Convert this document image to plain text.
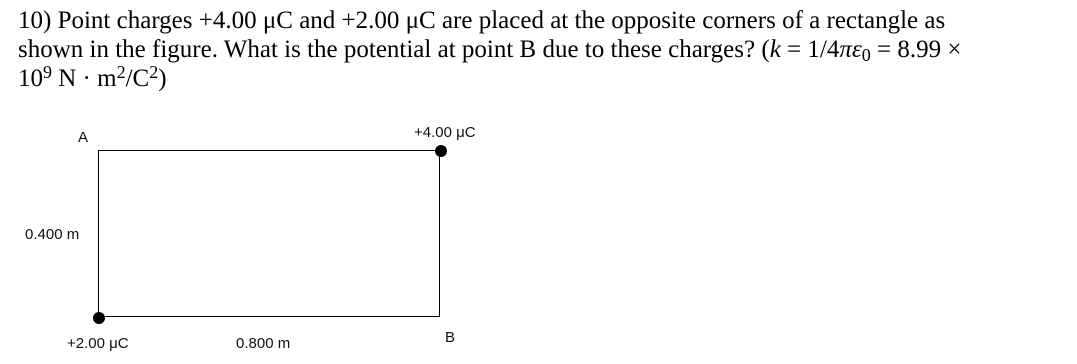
10) Point charges +4.00 μC and +2.00 μC are placed at the opposite corners of a rectangle as
shown in the figure. What is the potential at point B due to these charges? ($k = 1/4\pi\varepsilon_0 = 8.99$ ×
$10^9$ $N \cdot m^2/C^2$)
A	+4.00 μC
0.400 m
+2.00 μC	0.800 m	B
